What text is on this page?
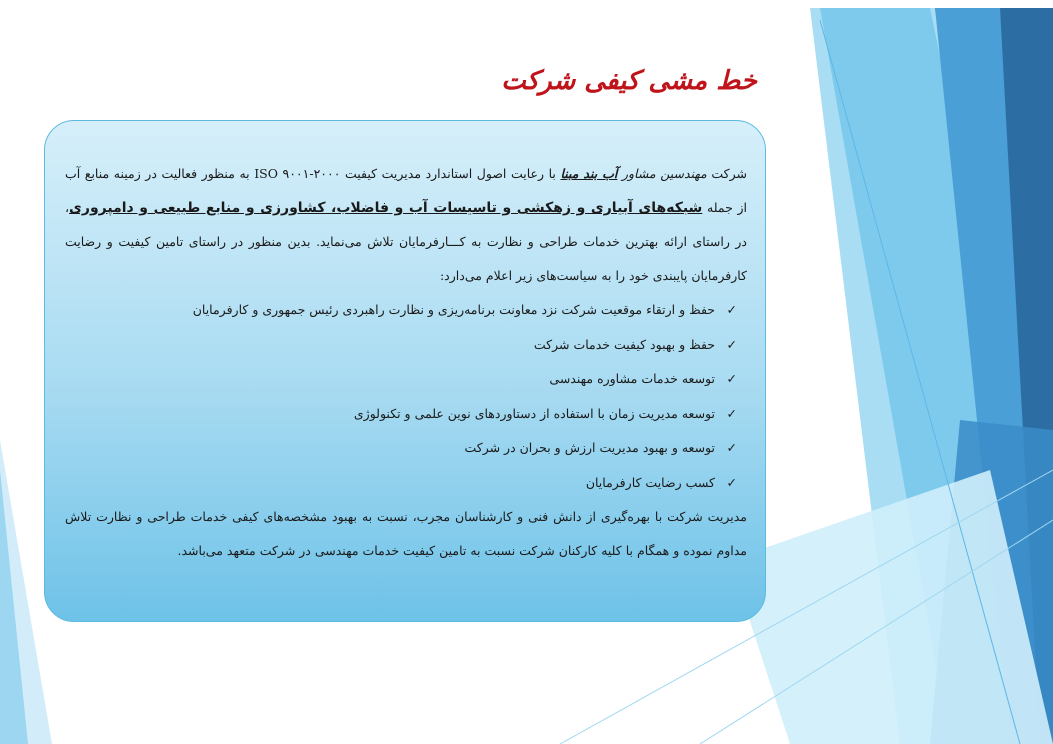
خط مشی کیفی شرکت

شرکت مهندسین مشاور آب بند مبنا با رعایت اصول استاندارد مدیریت کیفیت ISO ۹۰۰۱-۲۰۰۰ به منظور فعالیت در زمینه منابع آب از جمله شبکه‌های آبیاری و زهکشی و تاسیسات آب و فاضلاب، کشاورزی و منابع طبیعی و دامپروری، در راستای ارائه بهترین خدمات طراحی و نظارت به کـــارفرمایان تلاش می‌نماید. بدین منظور در راستای تامین کیفیت و رضایت کارفرمایان پایبندی خود را به سیاست‌های زیر اعلام می‌دارد:

✓حفظ و ارتقاء موقعیت شرکت نزد معاونت برنامه‌ریزی و نظارت راهبردی رئیس جمهوری و کارفرمایان
✓حفظ و بهبود کیفیت خدمات شرکت
✓توسعه خدمات مشاوره مهندسی
✓توسعه مدیریت زمان با استفاده از دستاوردهای نوین علمی و تکنولوژی
✓توسعه و بهبود مدیریت ارزش و بحران در شرکت
✓کسب رضایت کارفرمایان

مدیریت شرکت با بهره‌گیری از دانش فنی و کارشناسان مجرب، نسبت به بهبود مشخصه‌های کیفی خدمات طراحی و نظارت تلاش مداوم نموده و همگام با کلیه کارکنان شرکت نسبت به تامین کیفیت خدمات مهندسی در شرکت متعهد می‌باشد.
